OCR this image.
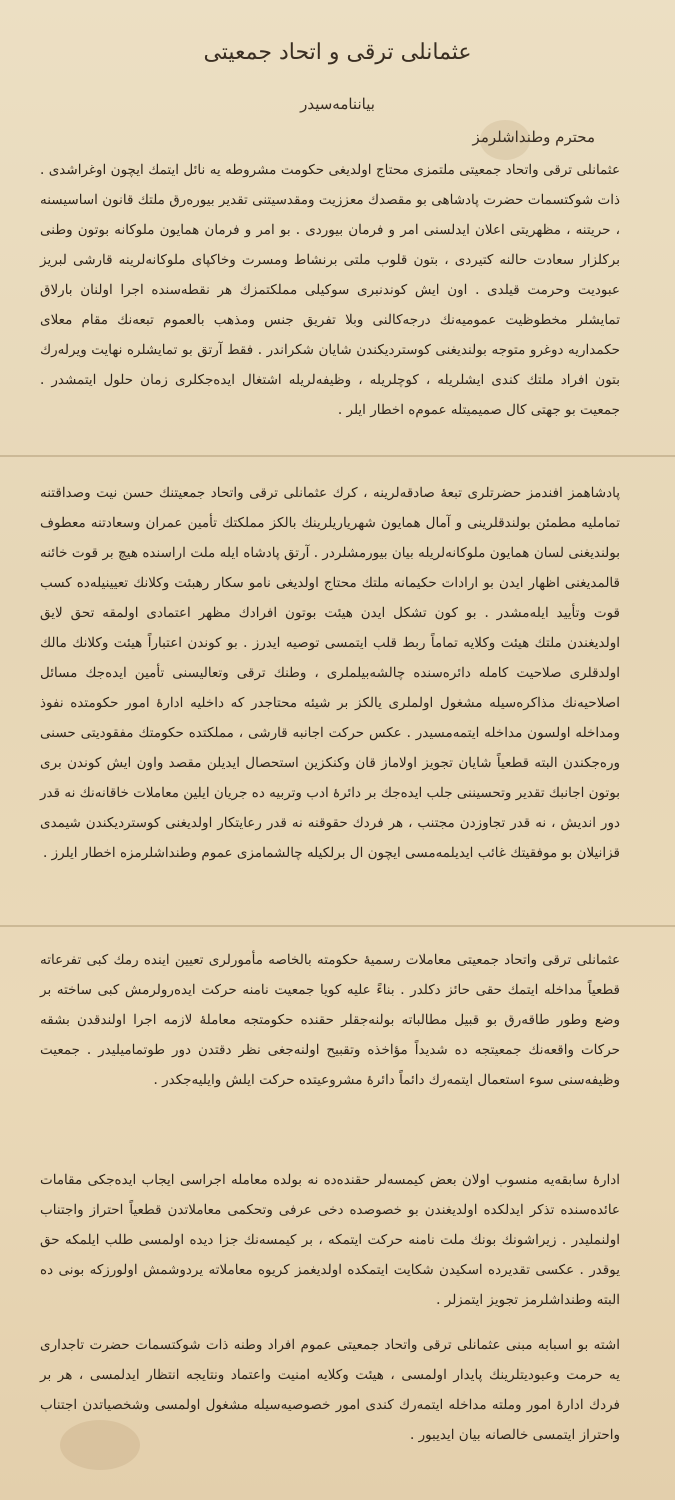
عثمانلی ترقی و اتحاد جمعیتی
بیاننامه‌سیدر
محترم وطنداشلرمز

عثمانلی ترقی واتحاد جمعیتی ملتمزی محتاج اولدیغی حکومت مشروطه یه نائل ایتمك ایچون اوغراشدی . ذات شوکتسمات حضرت پادشاهی بو مقصدك معززیت ومقدسیتنی تقدیر بیوره‌رق ملتك قانون اساسیسنه ، حریتنه ، مظهریتی اعلان ایدلسنی امر و فرمان بیوردی . بو امر و فرمان همایون ملوکانه بوتون وطنی برکلزار سعادت حالنه کتیردی ، بتون قلوب ملتی برنشاط ومسرت وخاکپای ملوکانه‌لرینه قارشی لبریز عبودیت وحرمت قیلدی . اون ایش کوندنبری سوکیلی مملکتمزك هر نقطه‌سنده اجرا اولنان بارلاق تمایشلر مخطوظیت عمومیه‌نك درجه‌کالنی وبلا تفریق جنس ومذهب بالعموم تبعه‌نك مقام معلای حکمداریه دوغرو متوجه بولندیغنی کوستردیکندن شایان شکراندر . فقط آرتق بو تمایشلره نهایت ویرله‌رك بتون افراد ملتك کندی ایشلریله ، کوچلریله ، وظیفه‌لریله اشتغال ایده‌جکلری زمان حلول ایتمشدر . جمعیت بو جهتی کال صمیمیتله عموم‌ه اخطار ایلر .

پادشاهمز افندمز حضرتلری تبعۀ صادقه‌لرینه ، کرك عثمانلی ترقی واتحاد جمعیتنك حسن نیت وصداقتنه تماملیه مطمئن بولندقلرینی و آمال همایون شهریاریلرینك بالکز مملکتك تأمین عمران وسعادتنه معطوف بولندیغنی لسان همایون ملوکانه‌لریله بیان بیورمشلردر . آرتق پادشاه ایله ملت اراسنده هیچ بر قوت خائنه قالمدیغنی اظهار ایدن بو ارادات حکیمانه ملتك محتاج اولدیغی نامو سکار رهبئت وکلانك تعیینیله‌ده کسب قوت وتأیید ایله‌مشدر . بو کون تشکل ایدن هیئت بوتون افرادك مظهر اعتمادی اولمقه تحق لایق اولدیغندن ملتك هیئت وکلایه تماماً ربط قلب ایتمسی توصیه ایدرز . بو کوندن اعتباراً هیئت وکلانك مالك اولدقلری صلاحیت کامله دائره‌سنده چالشه‌بیلملری ، وطنك ترقی وتعالیسنی تأمین ایده‌جك مسائل اصلاحیه‌نك مذاکره‌سیله مشغول اولملری یالکز بر شیئه محتاجدر که داخلیه ادارۀ امور حکومتده‌ نفوذ ومداخله اولسون مداخله ایتمه‌مسیدر . عکس حرکت اجانبه قارشی ، مملکتده حکومتك مفقودیتی حسنی وره‌جکندن البته قطعیاً شایان تجویز اولاماز قان وکنکزین استحصال ایدیلن مقصد واون ایش کوندن بری بوتون اجانبك تقدیر وتحسیننی جلب ایده‌جك بر دائرۀ ادب وتربیه ده جریان ایلین معاملات خاقانه‌نك نه قدر دور اندیش ، نه قدر تجاوزدن مجتنب ، هر فردك حقوقنه نه قدر رعایتکار اولدیغنی کوستردیکندن شیمدی قزانیلان بو موفقیتك غائب ایدیلمه‌مسی ایچون ال برلکیله چالشمامزی عموم وطنداشلرمزه اخطار ایلرز .

عثمانلی ترقی واتحاد جمعیتی معاملات رسمیۀ حکومته بالخاصه مأمورلری تعیین اینده رمك کبی تفرعاته قطعیاً مداخله ایتمك حقی حائز دکلدر . بناءً علیه کویا جمعیت نامنه حرکت ایده‌رولرمش کبی ساخته بر وضع وطور طاقه‌رق بو قبیل مطالباته بولنه‌جقلر حقنده حکومتجه معاملۀ لازمه اجرا اولندقدن بشقه حرکات واقعه‌نك جمعیتجه ده شدیداً مؤاخذه وتقبیح اولنه‌جغی نظر دقتدن دور طوتمامیلیدر . جمعیت وظیفه‌سنی سوء استعمال ایتمه‌رك دائماً دائرۀ مشروعیتده حرکت ایلش وایلیه‌جکدر .

ادارۀ سابقه‌یه منسوب اولان بعض کیمسه‌لر حقنده‌ده نه بولده معامله اجراسی ایجاب ایده‌جکی مقامات عائده‌سنده تذکر ایدلکده اولدیغندن بو خصوصده دخی عرفی وتحکمی معاملاتدن قطعیاً احتراز واجتناب اولنملیدر . زیراشونك بونك ملت نامنه حرکت ایتمکه ، بر کیمسه‌نك جزا دیده اولمسی طلب ایلمکه حق یوقدر . عکسی تقدیرده اسکیدن شکایت ایتمکده اولدیغمز کریوه معاملاته یردوشمش اولورزکه بونی ده البته وطنداشلرمز تجویز ایتمزلر .

اشته بو اسبابه مبنی عثمانلی ترقی واتحاد جمعیتی عموم افراد وطنه ذات شوکتسمات حضرت تاجداری یه حرمت وعبودیتلرینك پایدار اولمسی ، هیئت وکلایه امنیت واعتماد ونتایجه انتظار ایدلمسی ، هر بر فردك ادارۀ امور وملته مداخله ایتمه‌رك کندی امور خصوصیه‌سیله مشغول اولمسی وشخصیاتدن اجتناب واحتراز ایتمسی خالصانه بیان ایدیبور .
